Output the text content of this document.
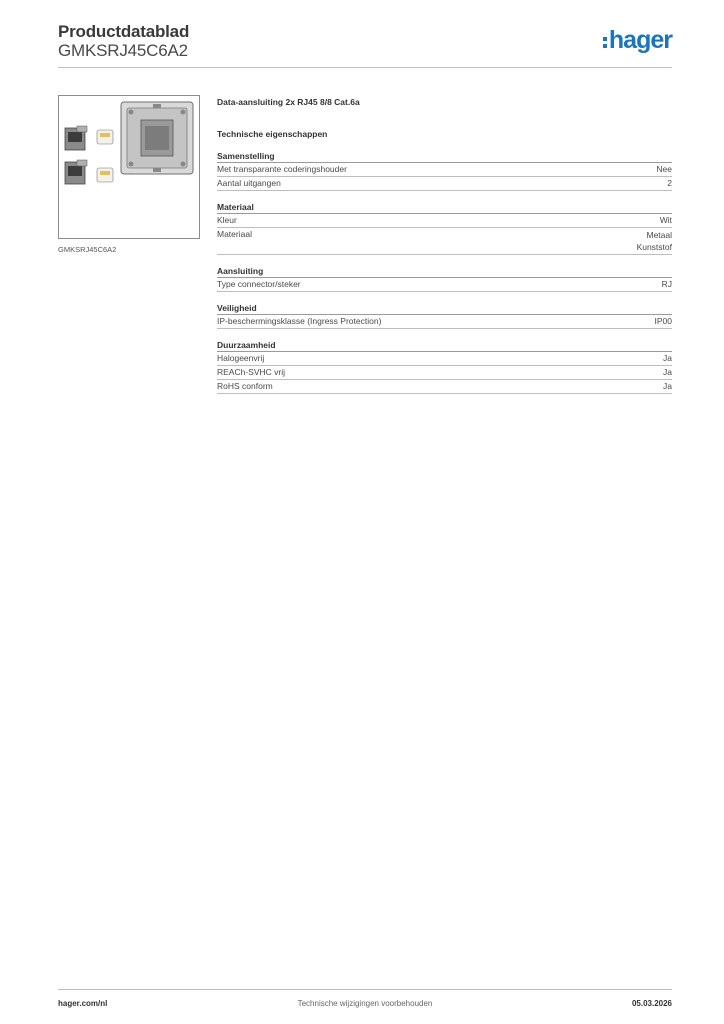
Productdatablad
GMKSRJ45C6A2	hager
GMKSRJ45C6A2
Data-aansluiting 2x RJ45 8/8 Cat.6a
Technische eigenschappen
Samenstelling
Met transparante coderingshouder	Nee
Aantal uitgangen	2
Materiaal
Kleur	Wit
Materiaal	Metaal
Kunststof
Aansluiting
Type connector/steker	RJ
Veiligheid
IP-beschermingsklasse (Ingress Protection)	IP00
Duurzaamheid
Halogeenvrij	Ja
REACh-SVHC vrij	Ja
RoHS conform	Ja
hager.com/nl	Technische wijzigingen voorbehouden	05.03.2026
